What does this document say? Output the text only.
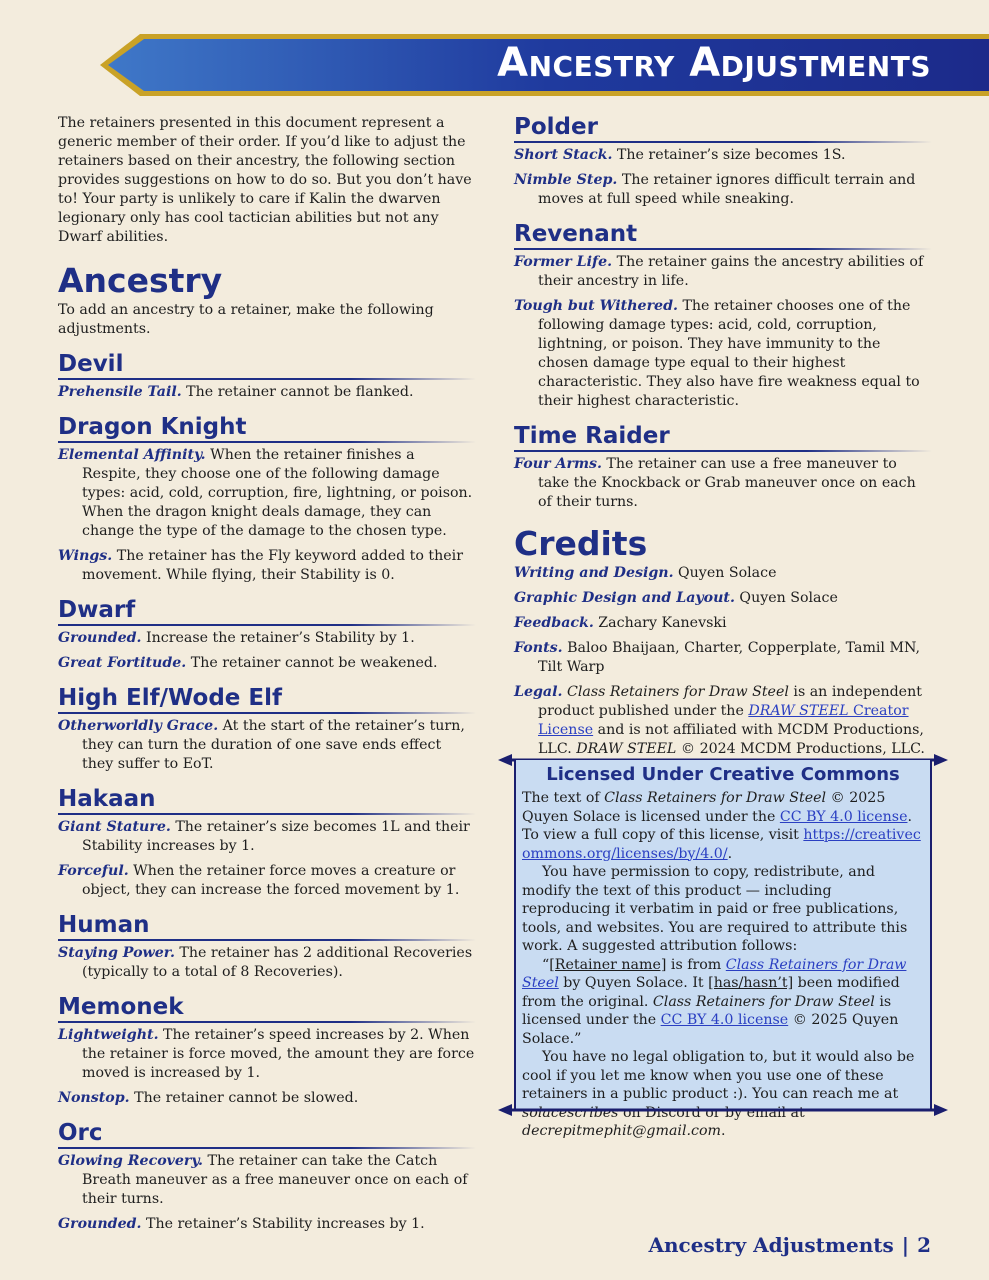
Ancestry Adjustments

The retainers presented in this document represent a generic member of their order. If you’d like to adjust the retainers based on their ancestry, the following section provides suggestions on how to do so. But you don’t have to! Your party is unlikely to care if Kalin the dwarven legionary only has cool tactician abilities but not any Dwarf abilities.

Ancestry

To add an ancestry to a retainer, make the following adjustments.

Devil

Prehensile Tail. The retainer cannot be flanked.

Dragon Knight

Elemental Affinity. When the retainer finishes a Respite, they choose one of the following damage types: acid, cold, corruption, fire, lightning, or poison. When the dragon knight deals damage, they can change the type of the damage to the chosen type.

Wings. The retainer has the Fly keyword added to their movement. While flying, their Stability is 0.

Dwarf

Grounded. Increase the retainer’s Stability by 1.

Great Fortitude. The retainer cannot be weakened.

High Elf/Wode Elf

Otherworldly Grace. At the start of the retainer’s turn, they can turn the duration of one save ends effect they suffer to EoT.

Hakaan

Giant Stature. The retainer’s size becomes 1L and their Stability increases by 1.

Forceful. When the retainer force moves a creature or object, they can increase the forced movement by 1.

Human

Staying Power. The retainer has 2 additional Recoveries (typically to a total of 8 Recoveries).

Memonek

Lightweight. The retainer’s speed increases by 2. When the retainer is force moved, the amount they are force moved is increased by 1.

Nonstop. The retainer cannot be slowed.

Orc

Glowing Recovery. The retainer can take the Catch Breath maneuver as a free maneuver once on each of their turns.

Grounded. The retainer’s Stability increases by 1.

Polder

Short Stack. The retainer’s size becomes 1S.

Nimble Step. The retainer ignores difficult terrain and moves at full speed while sneaking.

Revenant

Former Life. The retainer gains the ancestry abilities of their ancestry in life.

Tough but Withered. The retainer chooses one of the following damage types: acid, cold, corruption, lightning, or poison. They have immunity to the chosen damage type equal to their highest characteristic. They also have fire weakness equal to their highest characteristic.

Time Raider

Four Arms. The retainer can use a free maneuver to take the Knockback or Grab maneuver once on each of their turns.

Credits

Writing and Design. Quyen Solace

Graphic Design and Layout. Quyen Solace

Feedback. Zachary Kanevski

Fonts. Baloo Bhaijaan, Charter, Copperplate, Tamil MN, Tilt Warp

Legal. Class Retainers for Draw Steel is an independent product published under the DRAW STEEL Creator License and is not affiliated with MCDM Productions, LLC. DRAW STEEL © 2024 MCDM Productions, LLC.

Licensed Under Creative Commons

The text of Class Retainers for Draw Steel © 2025 Quyen Solace is licensed under the CC BY 4.0 license. To view a full copy of this license, visit https://creativecommons.org/licenses/by/4.0/.

You have permission to copy, redistribute, and modify the text of this product — including reproducing it verbatim in paid or free publications, tools, and websites. You are required to attribute this work. A suggested attribution follows:

“[Retainer name] is from Class Retainers for Draw Steel by Quyen Solace. It [has/hasn’t] been modified from the original. Class Retainers for Draw Steel is licensed under the CC BY 4.0 license © 2025 Quyen Solace.”

You have no legal obligation to, but it would also be cool if you let me know when you use one of these retainers in a public product :). You can reach me at solacescribes on Discord or by email at decrepitmephit@gmail.com.

Ancestry Adjustments | 2
